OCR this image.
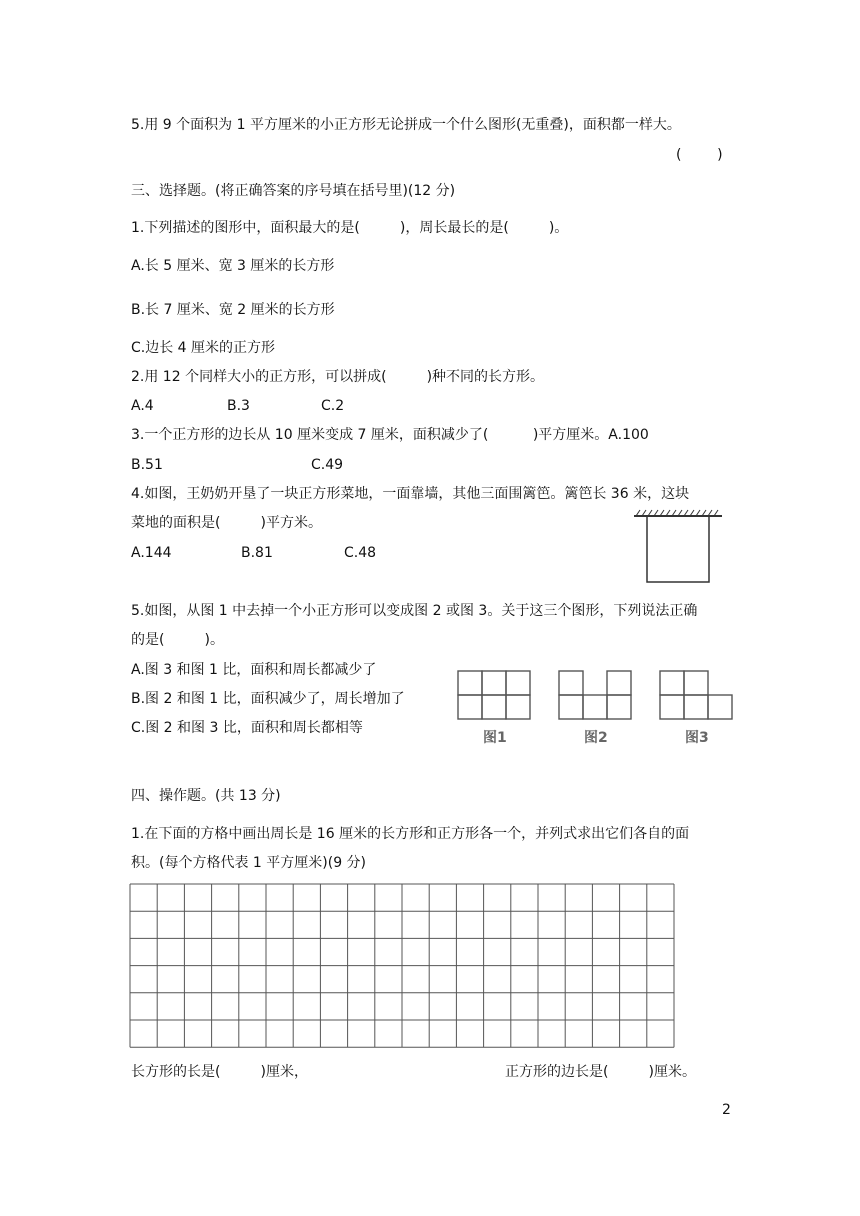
5.用 9 个面积为 1 平方厘米的小正方形无论拼成一个什么图形(无重叠)，面积都一样大。
(        )
三、选择题。(将正确答案的序号填在括号里)(12 分)
1.下列描述的图形中，面积最大的是(         )，周长最长的是(         )。
A.长 5 厘米、宽 3 厘米的长方形
B.长 7 厘米、宽 2 厘米的长方形
C.边长 4 厘米的正方形
2.用 12 个同样大小的正方形，可以拼成(         )种不同的长方形。
A.4	B.3	C.2
3.一个正方形的边长从 10 厘米变成 7 厘米，面积减少了(          )平方厘米。A.100
B.51	C.49
4.如图，王奶奶开垦了一块正方形菜地，一面靠墙，其他三面围篱笆。篱笆长 36 米，这块
菜地的面积是(         )平方米。
A.144	B.81	C.48
5.如图，从图 1 中去掉一个小正方形可以变成图 2 或图 3。关于这三个图形，下列说法正确
的是(         )。
A.图 3 和图 1 比，面积和周长都减少了
B.图 2 和图 1 比，面积减少了，周长增加了
C.图 2 和图 3 比，面积和周长都相等
图1	图2	图3
四、操作题。(共 13 分)
1.在下面的方格中画出周长是 16 厘米的长方形和正方形各一个，并列式求出它们各自的面
积。(每个方格代表 1 平方厘米)(9 分)
长方形的长是(         )厘米，	正方形的边长是(         )厘米。
2
